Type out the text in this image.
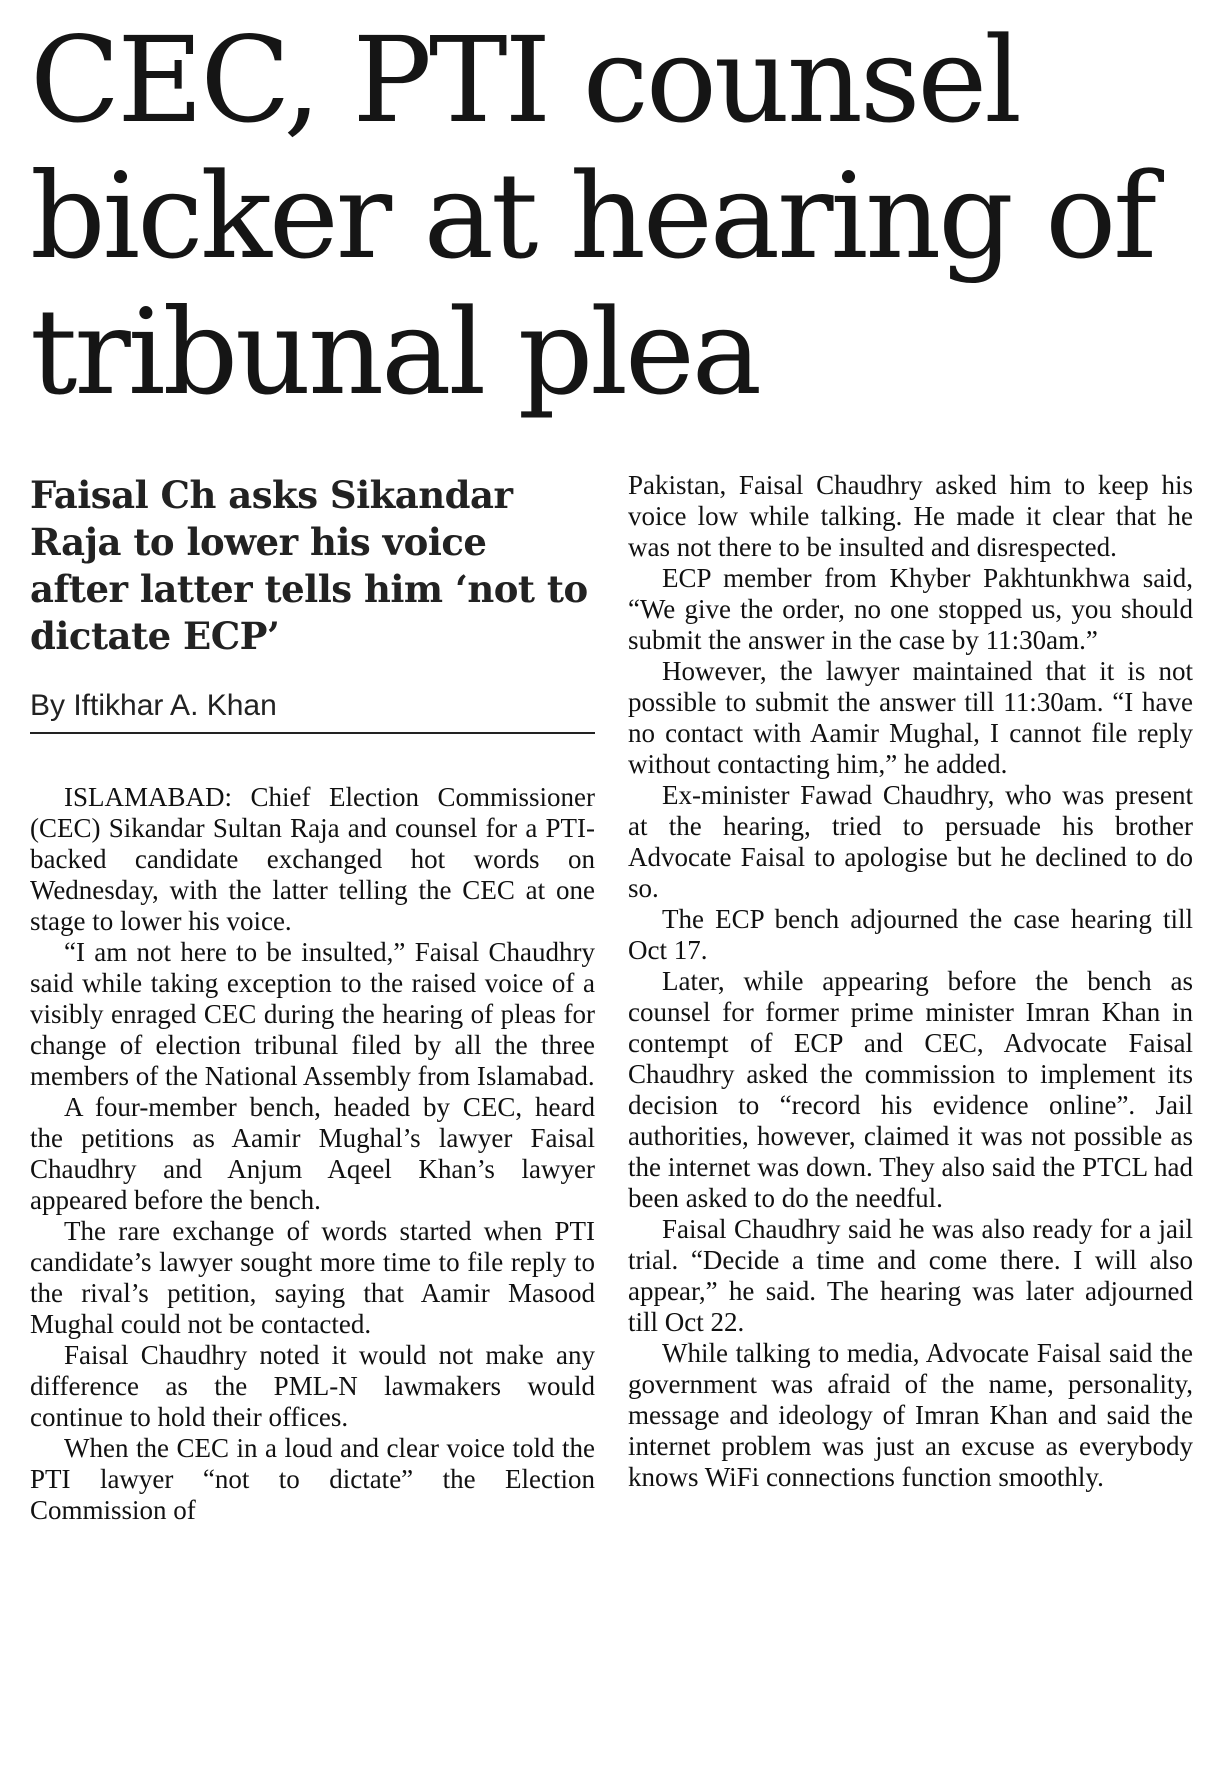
CEC, PTI counsel bicker at hearing of tribunal plea
Faisal Ch asks Sikandar Raja to lower his voice after latter tells him ‘not to dictate ECP’
By Iftikhar A. Khan

ISLAMABAD: Chief Election Commissioner (CEC) Sikandar Sultan Raja and counsel for a PTI-backed candidate exchanged hot words on Wednesday, with the latter telling the CEC at one stage to lower his voice.

“I am not here to be insulted,” Faisal Chaudhry said while taking exception to the raised voice of a visibly enraged CEC during the hearing of pleas for change of election tribunal filed by all the three members of the National Assembly from Islamabad.

A four-member bench, headed by CEC, heard the petitions as Aamir Mughal’s lawyer Faisal Chaudhry and Anjum Aqeel Khan’s lawyer appeared before the bench.

The rare exchange of words started when PTI candidate’s lawyer sought more time to file reply to the rival’s petition, saying that Aamir Masood Mughal could not be contacted.

Faisal Chaudhry noted it would not make any difference as the PML-N lawmakers would continue to hold their offices.

When the CEC in a loud and clear voice told the PTI lawyer “not to dictate” the Election Commission of

Pakistan, Faisal Chaudhry asked him to keep his voice low while talking. He made it clear that he was not there to be insulted and disrespected.

ECP member from Khyber Pakhtunkhwa said, “We give the order, no one stopped us, you should submit the answer in the case by 11:30am.”

However, the lawyer maintained that it is not possible to submit the answer till 11:30am. “I have no contact with Aamir Mughal, I cannot file reply without contacting him,” he added.

Ex-minister Fawad Chaudhry, who was present at the hearing, tried to persuade his brother Advocate Faisal to apologise but he declined to do so.

The ECP bench adjourned the case hearing till Oct 17.

Later, while appearing before the bench as counsel for former prime minister Imran Khan in contempt of ECP and CEC, Advocate Faisal Chaudhry asked the commission to implement its decision to “record his evidence online”. Jail authorities, however, claimed it was not possible as the internet was down. They also said the PTCL had been asked to do the needful.

Faisal Chaudhry said he was also ready for a jail trial. “Decide a time and come there. I will also appear,” he said. The hearing was later adjourned till Oct 22.

While talking to media, Advocate Faisal said the government was afraid of the name, personality, message and ideology of Imran Khan and said the internet problem was just an excuse as everybody knows WiFi connections function smoothly.
